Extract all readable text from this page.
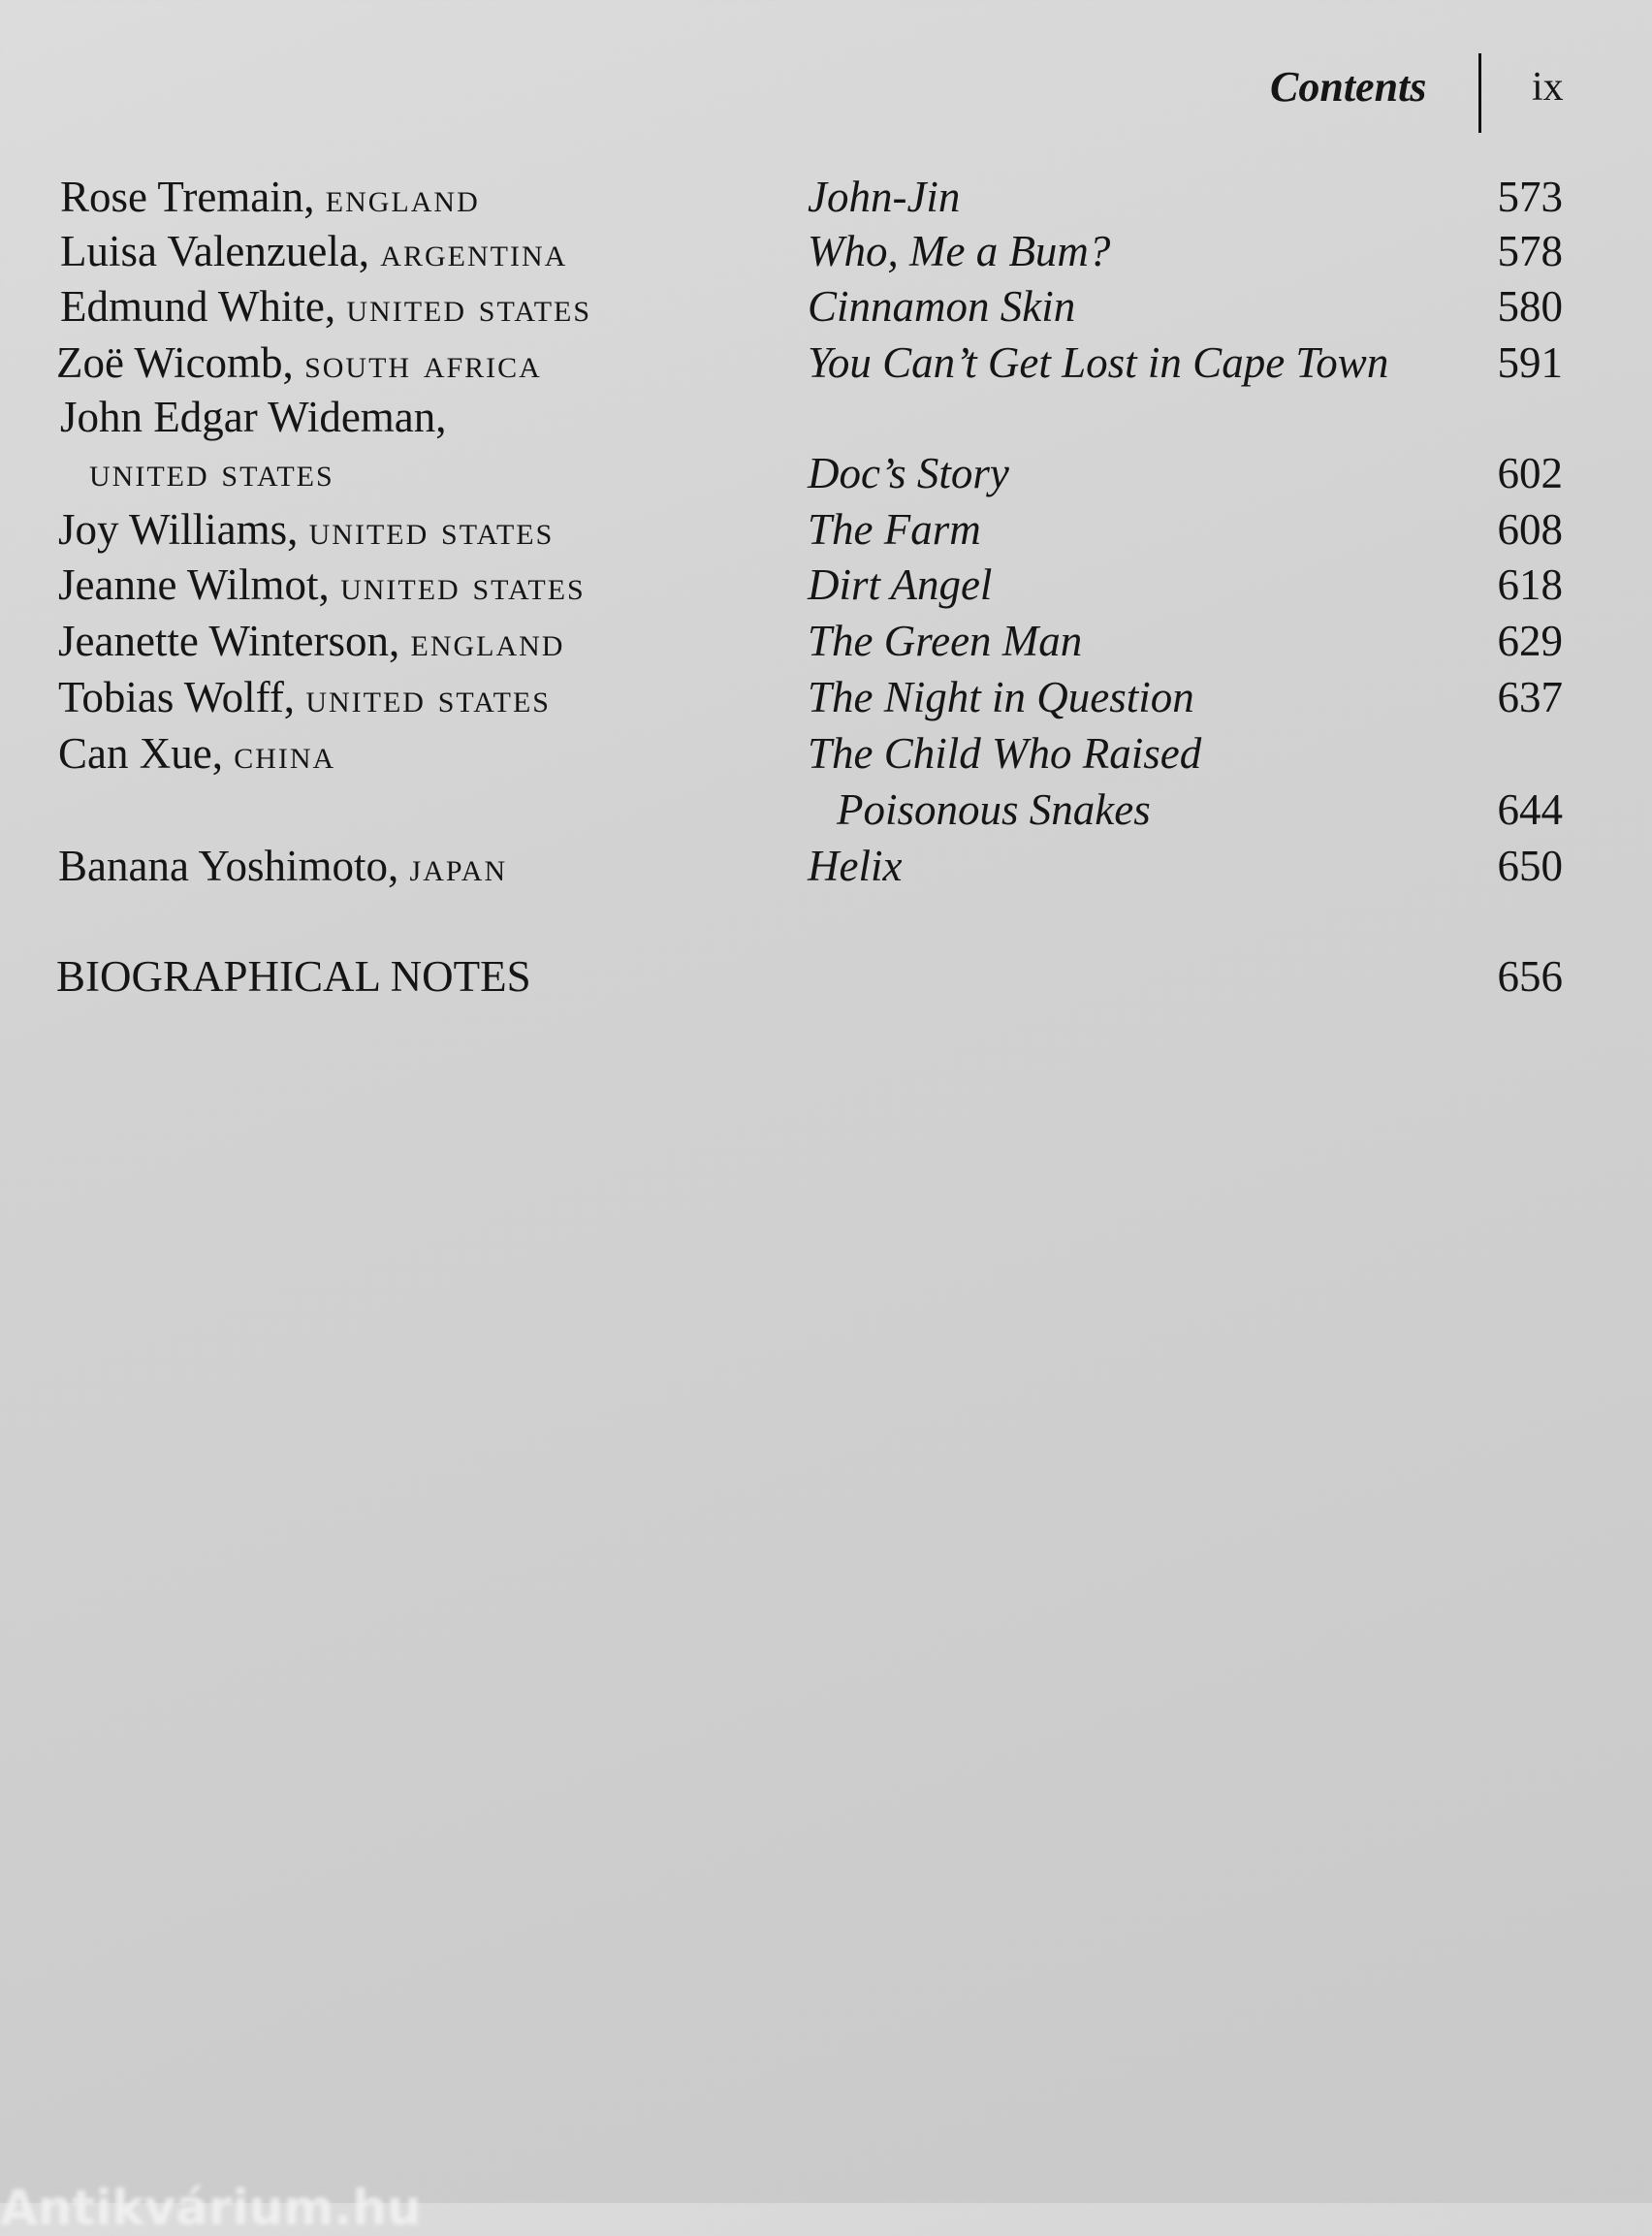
Contents	ix
Rose Tremain, england	John-Jin	573
Luisa Valenzuela, argentina	Who, Me a Bum?	578
Edmund White, united states	Cinnamon Skin	580
Zoë Wicomb, south africa	You Can’t Get Lost in Cape Town 591
John Edgar Wideman,
united states	Doc’s Story	602
Joy Williams, united states	The Farm	608
Jeanne Wilmot, united states	Dirt Angel	618
Jeanette Winterson, england	The Green Man	629
Tobias Wolff, united states	The Night in Question	637
Can Xue, china	The Child Who Raised
Poisonous Snakes	644
Banana Yoshimoto, japan	Helix	650
BIOGRAPHICAL NOTES	656
Antikvárium.hu
